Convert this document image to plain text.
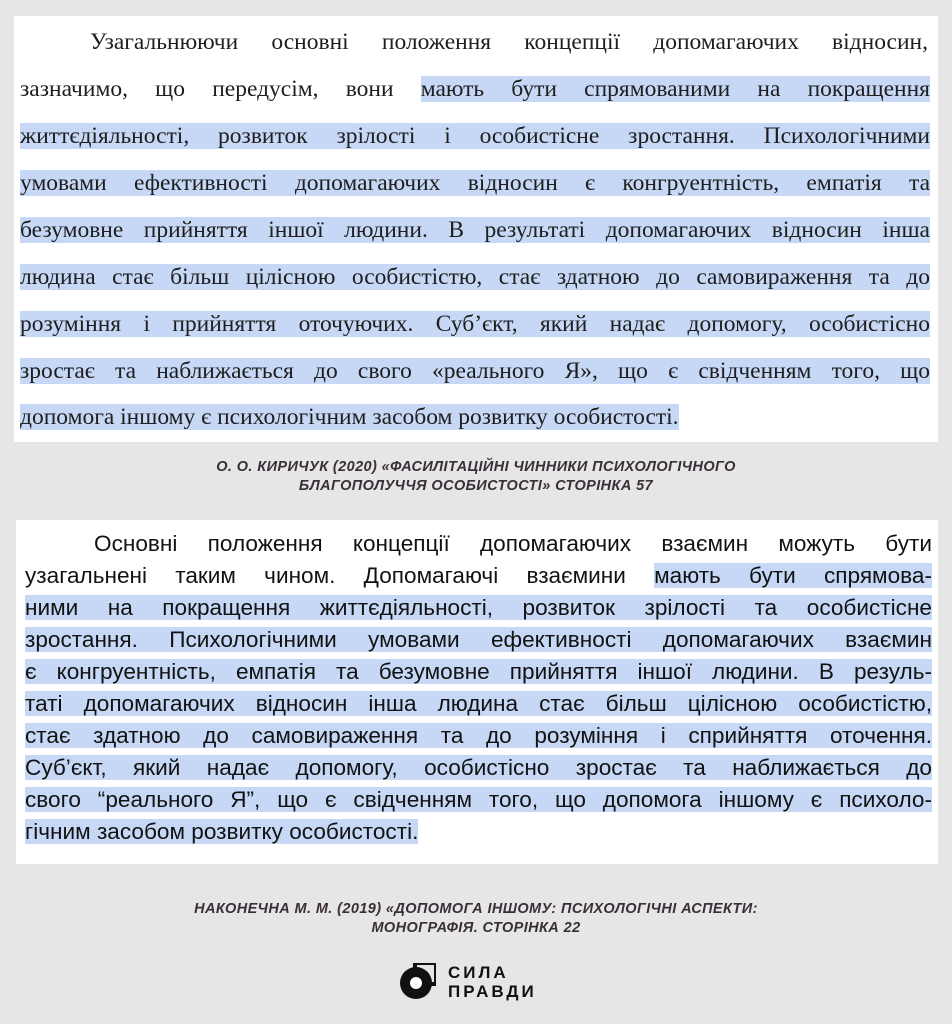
Узагальнюючи основні положення концепції допомагаючих відносин,
зазначимо, що передусім, вони мають бути спрямованими на покращення
життєдіяльності, розвиток зрілості і особистісне зростання. Психологічними
умовами ефективності допомагаючих відносин є конгруентність, емпатія та
безумовне прийняття іншої людини. В результаті допомагаючих відносин інша
людина стає більш цілісною особистістю, стає здатною до самовираження та до
розуміння і прийняття оточуючих. Суб’єкт, який надає допомогу, особистісно
зростає та наближається до свого «реального Я», що є свідченням того, що
допомога іншому є психологічним засобом розвитку особистості.
О. О. КИРИЧУК (2020) «ФАСИЛІТАЦІЙНІ ЧИННИКИ ПСИХОЛОГІЧНОГО
БЛАГОПОЛУЧЧЯ ОСОБИСТОСТІ» СТОРІНКА 57
Основні положення концепції допомагаючих взаємин можуть бути
узагальнені таким чином. Допомагаючі взаємини мають бути спрямова-
ними на покращення життєдіяльності, розвиток зрілості та особистісне
зростання. Психологічними умовами ефективності допомагаючих взаємин
є конгруентність, емпатія та безумовне прийняття іншої людини. В резуль-
таті допомагаючих відносин інша людина стає більш цілісною особистістю,
стає здатною до самовираження та до розуміння і сприйняття оточення.
Суб’єкт, який надає допомогу, особистісно зростає та наближається до
свого “реального Я”, що є свідченням того, що допомога іншому є психоло-
гічним засобом розвитку особистості.
НАКОНЕЧНА М. М. (2019) «ДОПОМОГА ІНШОМУ: ПСИХОЛОГІЧНІ АСПЕКТИ:
МОНОГРАФІЯ. СТОРІНКА 22
СИЛА
ПРАВДИ
